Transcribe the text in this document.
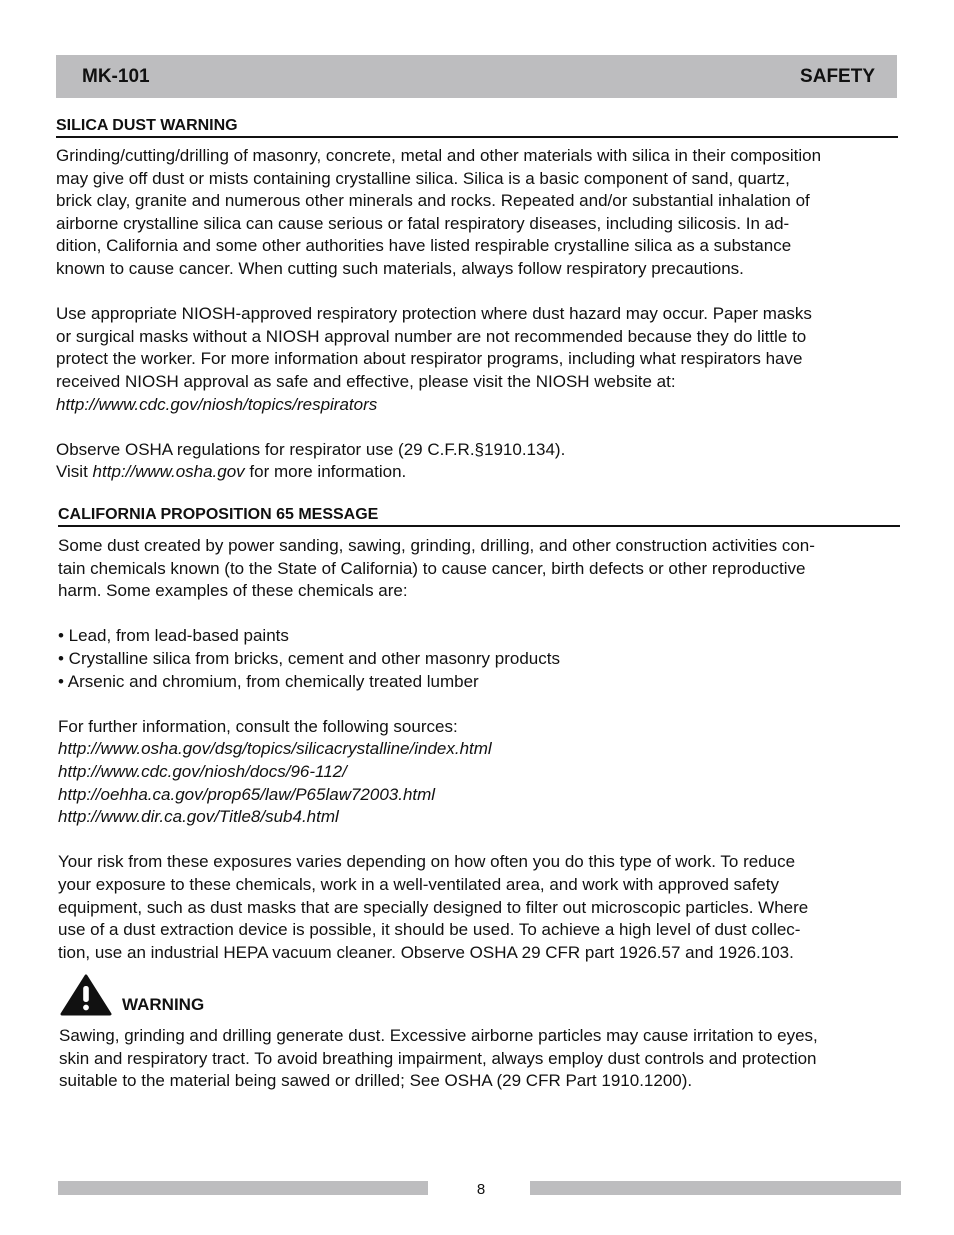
MK-101	SAFETY
SILICA DUST WARNING

Grinding/cutting/drilling of masonry, concrete, metal and other materials with silica in their composition

may give off dust or mists containing crystalline silica. Silica is a basic component of sand, quartz,

brick clay, granite and numerous other minerals and rocks. Repeated and/or substantial inhalation of

airborne crystalline silica can cause serious or fatal respiratory diseases, including silicosis. In ad-

dition, California and some other authorities have listed respirable crystalline silica as a substance

known to cause cancer. When cutting such materials, always follow respiratory precautions.

Use appropriate NIOSH-approved respiratory protection where dust hazard may occur. Paper masks

or surgical masks without a NIOSH approval number are not recommended because they do little to

protect the worker. For more information about respirator programs, including what respirators have

received NIOSH approval as safe and effective, please visit the NIOSH website at:

http://www.cdc.gov/niosh/topics/respirators

Observe OSHA regulations for respirator use (29 C.F.R.§1910.134).

Visit http://www.osha.gov for more information.

CALIFORNIA PROPOSITION 65 MESSAGE

Some dust created by power sanding, sawing, grinding, drilling, and other construction activities con-

tain chemicals known (to the State of California) to cause cancer, birth defects or other reproductive

harm. Some examples of these chemicals are:

• Lead, from lead-based paints

• Crystalline silica from bricks, cement and other masonry products

• Arsenic and chromium, from chemically treated lumber

For further information, consult the following sources:

http://www.osha.gov/dsg/topics/silicacrystalline/index.html

http://www.cdc.gov/niosh/docs/96-112/

http://oehha.ca.gov/prop65/law/P65law72003.html

http://www.dir.ca.gov/Title8/sub4.html

Your risk from these exposures varies depending on how often you do this type of work. To reduce

your exposure to these chemicals, work in a well-ventilated area, and work with approved safety

equipment, such as dust masks that are specially designed to filter out microscopic particles. Where

use of a dust extraction device is possible, it should be used. To achieve a high level of dust collec-

tion, use an industrial HEPA vacuum cleaner. Observe OSHA 29 CFR part 1926.57 and 1926.103.

WARNING

Sawing, grinding and drilling generate dust. Excessive airborne particles may cause irritation to eyes,

skin and respiratory tract. To avoid breathing impairment, always employ dust controls and protection

suitable to the material being sawed or drilled; See OSHA (29 CFR Part 1910.1200).

8
